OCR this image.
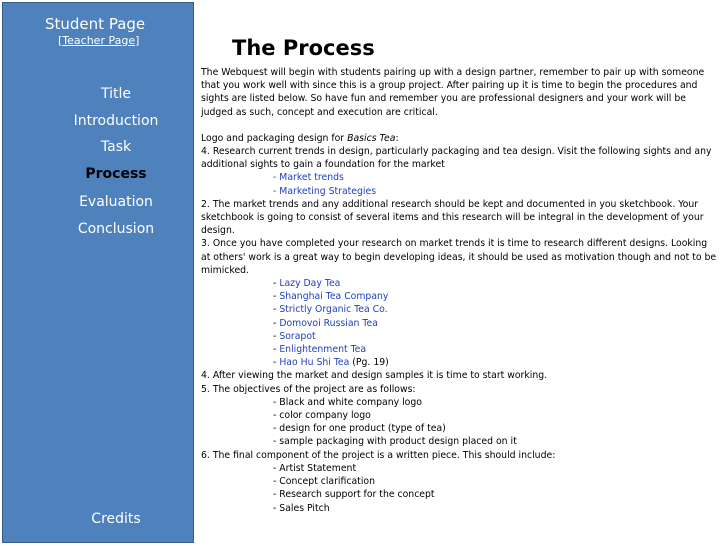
Student Page
[Teacher Page]
Title
Introduction
Task
Process
Evaluation
Conclusion
Credits
The Process

The Webquest will begin with students pairing up with a design partner, remember to pair up with someone that you work well with since this is a group project. After pairing up it is time to begin the procedures and sights are listed below. So have fun and remember you are professional designers and your work will be judged as such, concept and execution are critical.

Logo and packaging design for Basics Tea:

4. Research current trends in design, particularly packaging and tea design. Visit the following sights and any additional sights to gain a foundation for the market

- Market trends

- Marketing Strategies

2. The market trends and any additional research should be kept and documented in you sketchbook. Your sketchbook is going to consist of several items and this research will be integral in the development of your design.

3. Once you have completed your research on market trends it is time to research different designs. Looking at others' work is a great way to begin developing ideas, it should be used as motivation though and not to be mimicked.

- Lazy Day Tea

- Shanghai Tea Company

- Strictly Organic Tea Co.

- Domovoi Russian Tea

- Sorapot

- Enlightenment Tea

- Hao Hu Shi Tea (Pg. 19)

4. After viewing the market and design samples it is time to start working.

5. The objectives of the project are as follows:

- Black and white company logo

- color company logo

- design for one product (type of tea)

- sample packaging with product design placed on it

6. The final component of the project is a written piece. This should include:

- Artist Statement

- Concept clarification

- Research support for the concept

- Sales Pitch
